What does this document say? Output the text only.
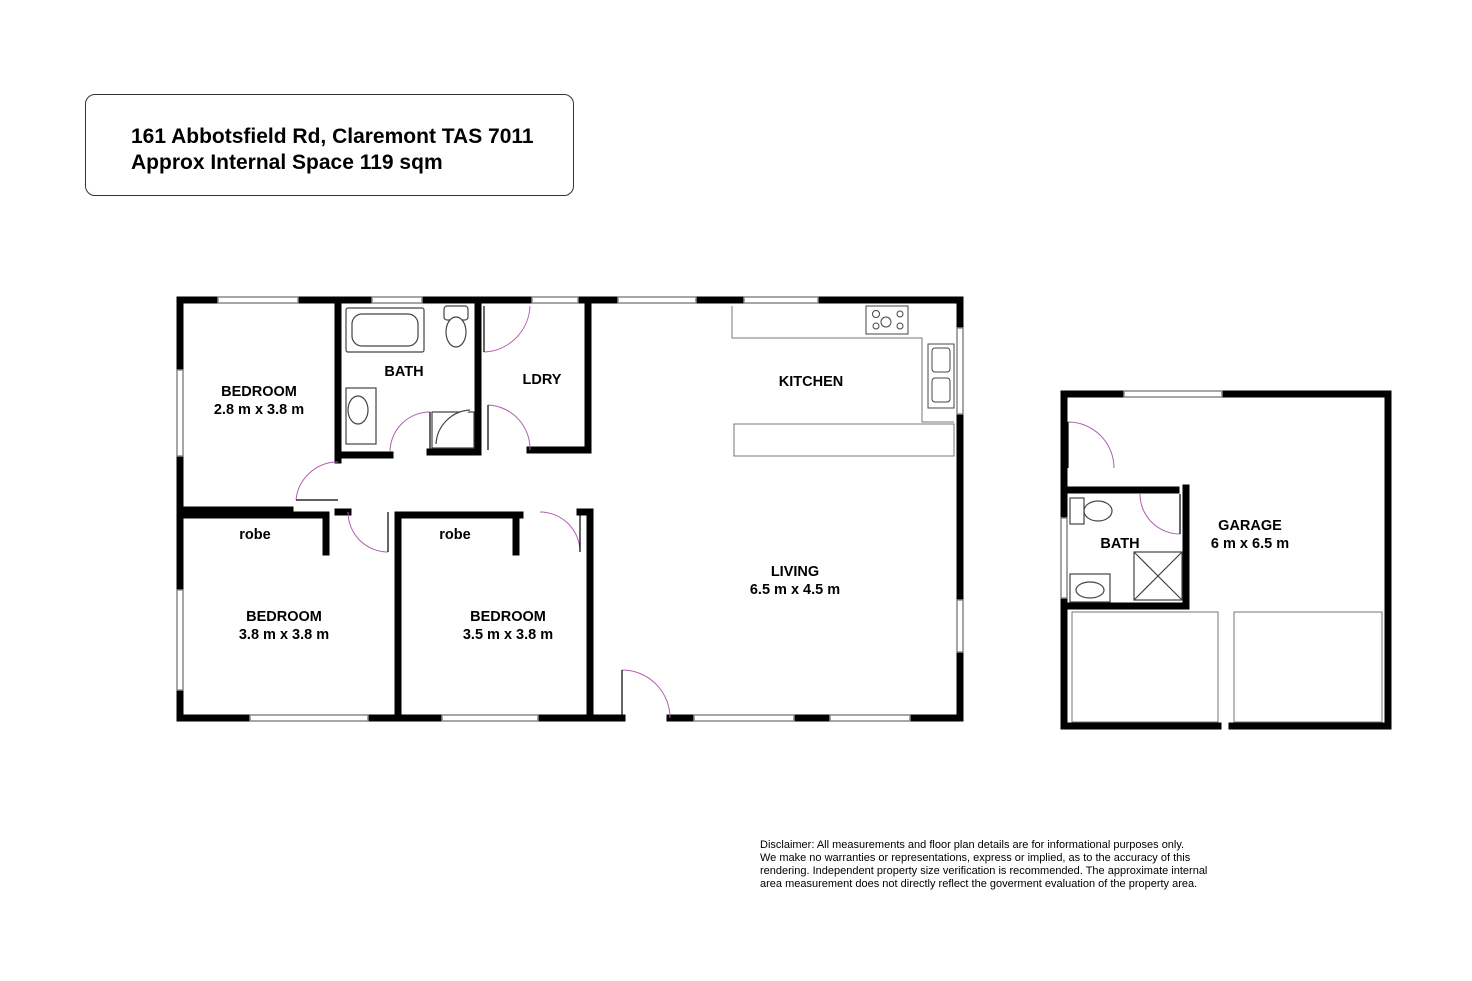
161 Abbotsfield Rd, Claremont TAS 7011
Approx Internal Space 119 sqm
BEDROOM
2.8 m x 3.8 m
BATH	LDRY	KITCHEN
robe	robe
BEDROOM
3.8 m x 3.8 m
BEDROOM
3.5 m x 3.8 m
LIVING
6.5 m x 4.5 m
GARAGE
6 m x 6.5 m
BATH
Disclaimer: All measurements and floor plan details are for informational purposes only.
We make no warranties or representations, express or implied, as to the accuracy of this
rendering. Independent property size verification is recommended. The approximate internal
area measurement does not directly reflect the goverment evaluation of the property area.
